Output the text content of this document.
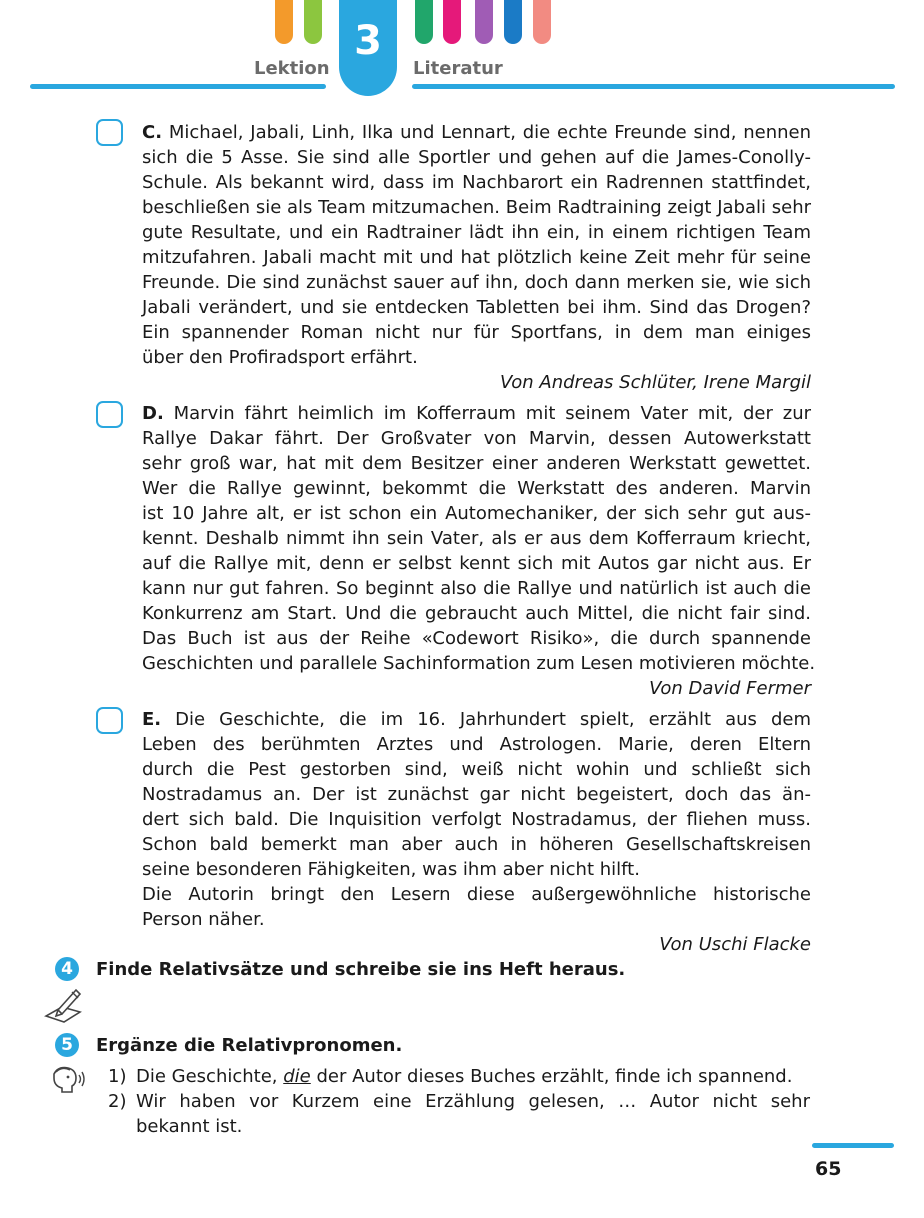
3
Lektion	Literatur
C. Michael, Jabali, Linh, Ilka und Lennart, die echte Freunde sind, nennen
sich die 5 Asse. Sie sind alle Sportler und gehen auf die James-Conolly-
Schule. Als bekannt wird, dass im Nachbarort ein Radrennen stattfindet,
beschließen sie als Team mitzumachen. Beim Radtraining zeigt Jabali sehr
gute Resultate, und ein Radtrainer lädt ihn ein, in einem richtigen Team
mitzufahren. Jabali macht mit und hat plötzlich keine Zeit mehr für seine
Freunde. Die sind zunächst sauer auf ihn, doch dann merken sie, wie sich
Jabali verändert, und sie entdecken Tabletten bei ihm. Sind das Drogen?
Ein spannender Roman nicht nur für Sportfans, in dem man einiges
über den Profiradsport erfährt.
Von Andreas Schlüter, Irene Margil
D. Marvin fährt heimlich im Kofferraum mit seinem Vater mit, der zur
Rallye Dakar fährt. Der Großvater von Marvin, dessen Autowerkstatt
sehr groß war, hat mit dem Besitzer einer anderen Werkstatt gewettet.
Wer die Rallye gewinnt, bekommt die Werkstatt des anderen. Marvin
ist 10 Jahre alt, er ist schon ein Automechaniker, der sich sehr gut aus-
kennt. Deshalb nimmt ihn sein Vater, als er aus dem Kofferraum kriecht,
auf die Rallye mit, denn er selbst kennt sich mit Autos gar nicht aus. Er
kann nur gut fahren. So beginnt also die Rallye und natürlich ist auch die
Konkurrenz am Start. Und die gebraucht auch Mittel, die nicht fair sind.
Das Buch ist aus der Reihe «Codewort Risiko», die durch spannende
Geschichten und parallele Sachinformation zum Lesen motivieren möchte.
Von David Fermer
E. Die Geschichte, die im 16. Jahrhundert spielt, erzählt aus dem
Leben des berühmten Arztes und Astrologen. Marie, deren Eltern
durch die Pest gestorben sind, weiß nicht wohin und schließt sich
Nostradamus an. Der ist zunächst gar nicht begeistert, doch das än-
dert sich bald. Die Inquisition verfolgt Nostradamus, der fliehen muss.
Schon bald bemerkt man aber auch in höheren Gesellschaftskreisen
seine besonderen Fähigkeiten, was ihm aber nicht hilft.
Die Autorin bringt den Lesern diese außergewöhnliche historische
Person näher.
Von Uschi Flacke
4	Finde Relativsätze und schreibe sie ins Heft heraus.
5	Ergänze die Relativpronomen.
1) Die Geschichte, die der Autor dieses Buches erzählt, finde ich spannend.
2) Wir haben vor Kurzem eine Erzählung gelesen, … Autor nicht sehr
bekannt ist.
65
